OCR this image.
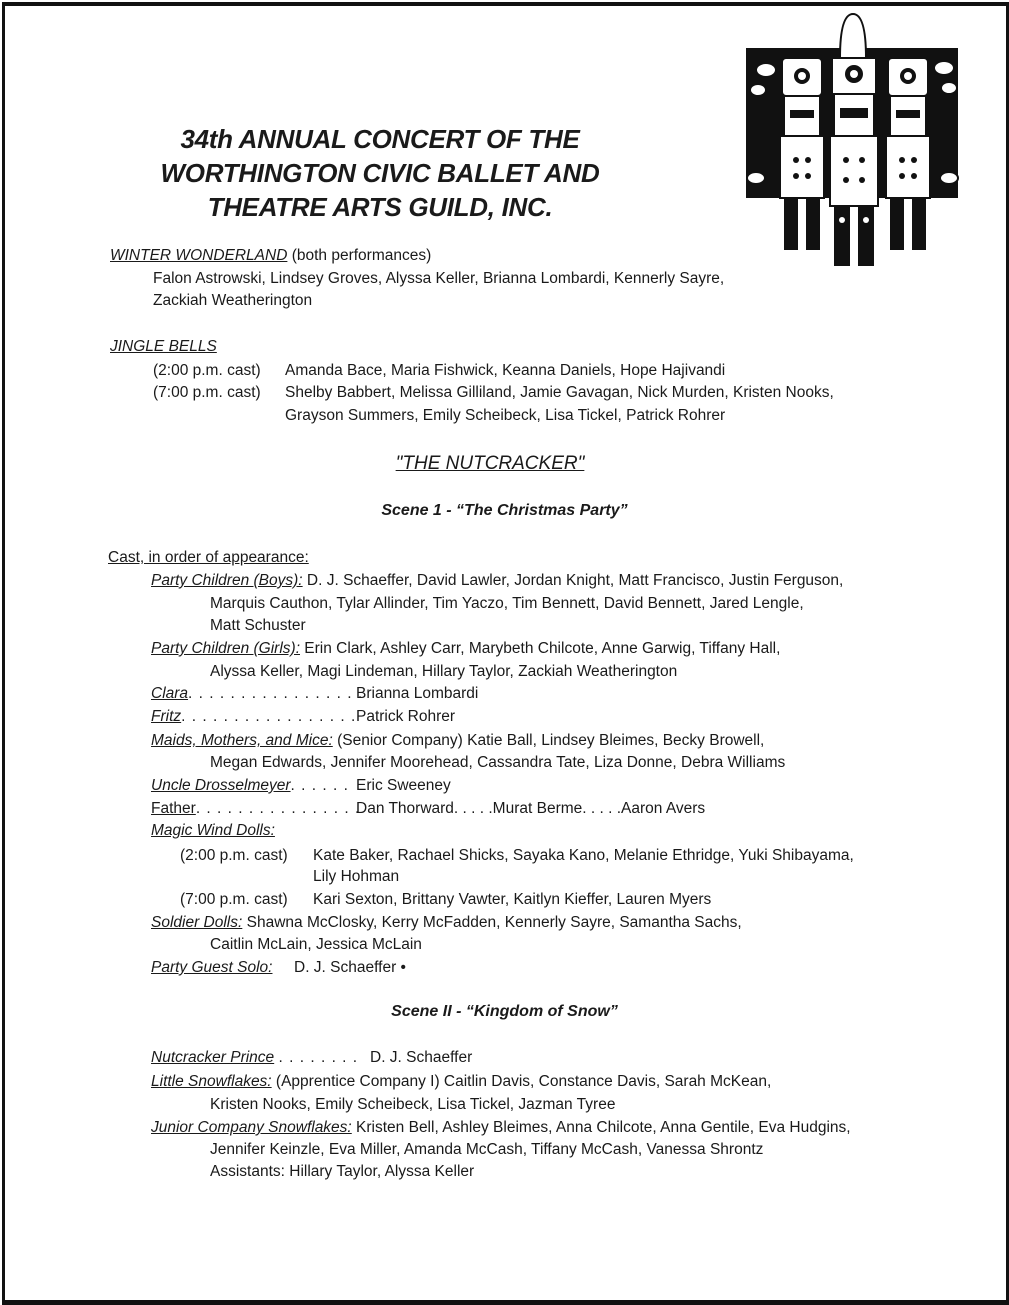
34th ANNUAL CONCERT OF THE
WORTHINGTON CIVIC BALLET AND
THEATRE ARTS GUILD, INC.
WINTER WONDERLAND (both performances)
Falon Astrowski, Lindsey Groves, Alyssa Keller, Brianna Lombardi, Kennerly Sayre,
Zackiah Weatherington
JINGLE BELLS
(2:00 p.m. cast) Amanda Bace, Maria Fishwick, Keanna Daniels, Hope Hajivandi
(7:00 p.m. cast) Shelby Babbert, Melissa Gilliland, Jamie Gavagan, Nick Murden, Kristen Nooks,
Grayson Summers, Emily Scheibeck, Lisa Tickel, Patrick Rohrer
"THE NUTCRACKER"
Scene 1 - “The Christmas Party”
Cast, in order of appearance:
Party Children (Boys): D. J. Schaeffer, David Lawler, Jordan Knight, Matt Francisco, Justin Ferguson,
Marquis Cauthon, Tylar Allinder, Tim Yaczo, Tim Bennett, David Bennett, Jared Lengle,
Matt Schuster
Party Children (Girls): Erin Clark, Ashley Carr, Marybeth Chilcote, Anne Garwig, Tiffany Hall,
Alyssa Keller, Magi Lindeman, Hillary Taylor, Zackiah Weatherington
Clara. . . . . . . . . . . . . . . . .
Brianna Lombardi
Fritz. . . . . . . . . . . . . . . . . Patrick Rohrer
Maids, Mothers, and Mice: (Senior Company) Katie Ball, Lindsey Bleimes, Becky Browell,
Megan Edwards, Jennifer Moorehead, Cassandra Tate, Liza Donne, Debra Williams
Uncle Drosselmeyer. . . . . . Eric Sweeney
Father. . . . . . . . . . . . . . . .
Dan Thorward. . . . .Murat Berme. . . . .Aaron Avers
Magic Wind Dolls:
(2:00 p.m. cast) Kate Baker, Rachael Shicks, Sayaka Kano, Melanie Ethridge, Yuki Shibayama,
Lily Hohman
(7:00 p.m. cast) Kari Sexton, Brittany Vawter, Kaitlyn Kieffer, Lauren Myers
Soldier Dolls: Shawna McClosky, Kerry McFadden, Kennerly Sayre, Samantha Sachs,
Caitlin McLain, Jessica McLain
Party Guest Solo: D. J. Schaeffer •
Scene II - “Kingdom of Snow”
Nutcracker Prince . . . . . . . . D. J. Schaeffer
Little Snowflakes: (Apprentice Company I) Caitlin Davis, Constance Davis, Sarah McKean,
Kristen Nooks, Emily Scheibeck, Lisa Tickel, Jazman Tyree
Junior Company Snowflakes: Kristen Bell, Ashley Bleimes, Anna Chilcote, Anna Gentile, Eva Hudgins,
Jennifer Keinzle, Eva Miller, Amanda McCash, Tiffany McCash, Vanessa Shrontz
Assistants: Hillary Taylor, Alyssa Keller
